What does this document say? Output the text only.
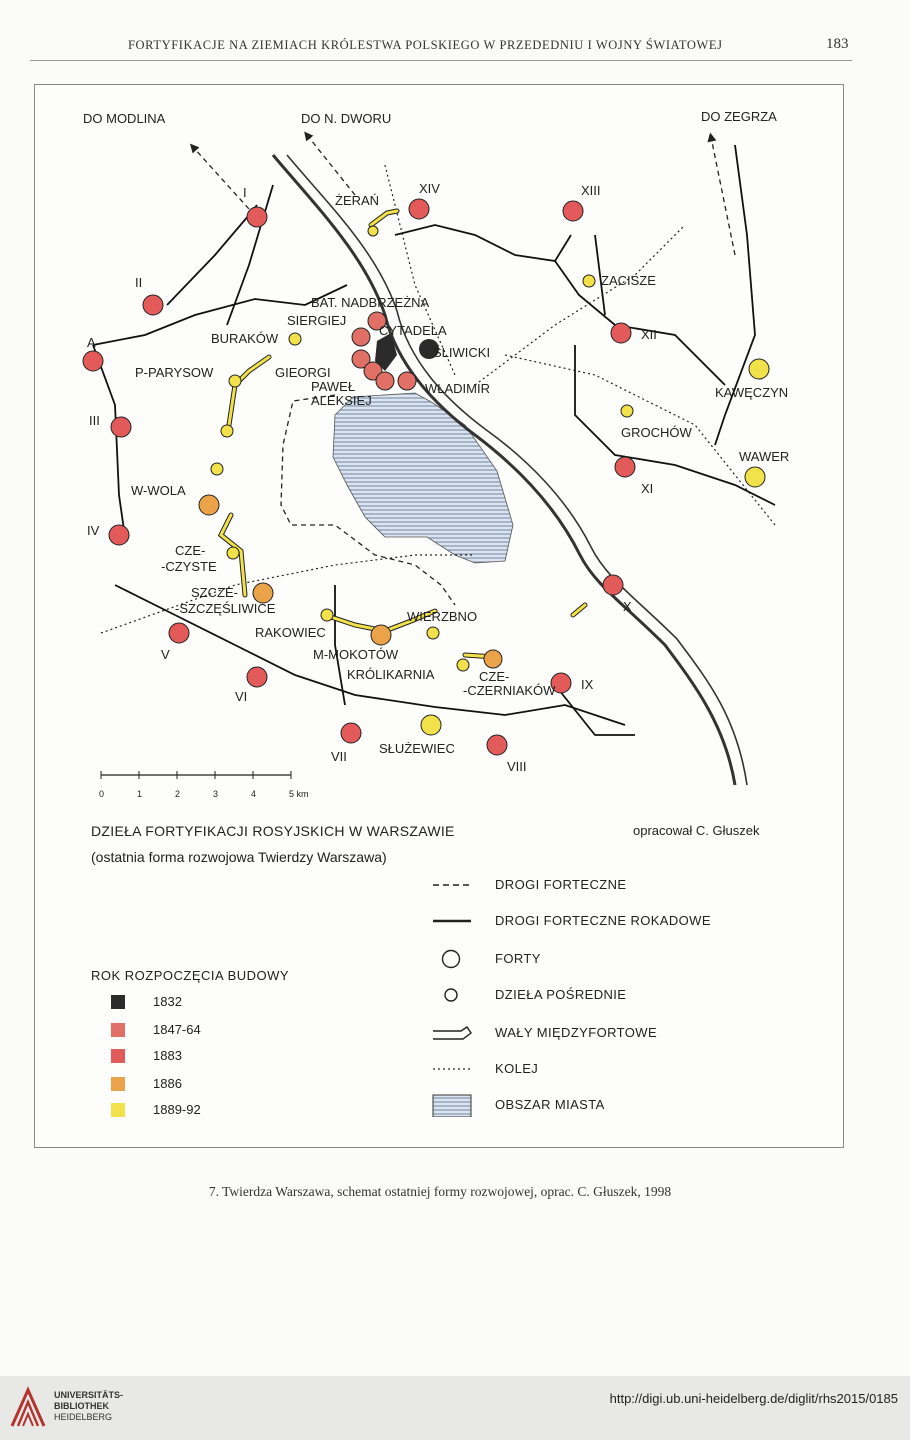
FORTYFIKACJE NA ZIEMIACH KRÓLESTWA POLSKIEGO W PRZEDEDNIU I WOJNY ŚWIATOWEJ	183
DO MODLINA	DO N. DWORU	DO ZEGRZA
I
II
A
III
IV
V
VI
VII
VIII
IX
X
XI
XII
XIII
XIV
KAWĘCZYN
WAWER
SŁUŻEWIEC
ŻERAŃ
ZACISZE
BAT. NADBRZEŻNA
SIERGIEJ
CYTADELA
ŚLIWICKI
BURAKÓW
P-PARYSOW	GIEORGI
PAWEŁ
ALEKSIEJ
WŁADIMIR
GROCHÓW
W-WOLA
CZE-
-CZYSTE
SZCZE-
-SZCZĘŚLIWICE
RAKOWIEC
WIERZBNO
M-MOKOTÓW
KRÓLIKARNIA	CZE-
-CZERNIAKÓW
0	1	2	3	4	5 km
DZIEŁA FORTYFIKACJI ROSYJSKICH W WARSZAWIE
(ostatnia forma rozwojowa Twierdzy Warszawa)
opracował C. Głuszek
ROK ROZPOCZĘCIA BUDOWY
1832
1847-64
1883
1886
1889-92
DROGI FORTECZNE
DROGI FORTECZNE ROKADOWE
FORTY
DZIEŁA POŚREDNIE
WAŁY MIĘDZYFORTOWE
KOLEJ
OBSZAR MIASTA
7. Twierdza Warszawa, schemat ostatniej formy rozwojowej, oprac. C. Głuszek, 1998
UNIVERSITÄTS-
BIBLIOTHEK
HEIDELBERG
http://digi.ub.uni-heidelberg.de/diglit/rhs2015/0185
